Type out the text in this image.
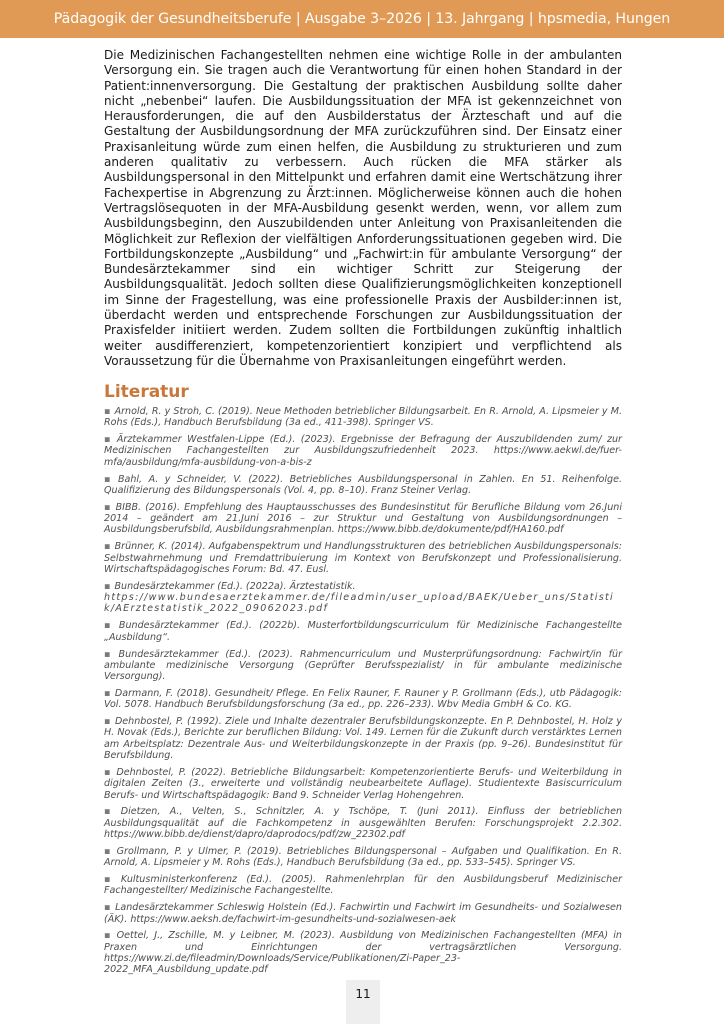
Pädagogik der Gesundheitsberufe | Ausgabe 3–2026 | 13. Jahrgang | hpsmedia, Hungen

Die Medizinischen Fachangestellten nehmen eine wichtige Rolle in der ambulanten Versorgung ein. Sie tragen auch die Verantwortung für einen hohen Standard in der Patient:innenversorgung. Die Gestaltung der praktischen Ausbildung sollte daher nicht „nebenbei“ laufen. Die Ausbildungssituation der MFA ist gekennzeichnet von Herausforderungen, die auf den Ausbilderstatus der Ärzteschaft und auf die Gestaltung der Ausbildungsordnung der MFA zurückzuführen sind. Der Einsatz einer Praxisanleitung würde zum einen helfen, die Ausbildung zu strukturieren und zum anderen qualitativ zu verbessern. Auch rücken die MFA stärker als Ausbildungspersonal in den Mittelpunkt und erfahren damit eine Wertschätzung ihrer Fachexpertise in Abgrenzung zu Ärzt:innen. Möglicherweise können auch die hohen Vertragslösequoten in der MFA-Ausbildung gesenkt werden, wenn, vor allem zum Ausbildungsbeginn, den Auszubildenden unter Anleitung von Praxisanleitenden die Möglichkeit zur Reflexion der vielfältigen Anforderungssituationen gegeben wird. Die Fortbildungskonzepte „Ausbildung“ und „Fachwirt:in für ambulante Versorgung“ der Bundesärztekammer sind ein wichtiger Schritt zur Steigerung der Ausbildungsqualität. Jedoch sollten diese Qualifizierungsmöglichkeiten konzeptionell im Sinne der Fragestellung, was eine professionelle Praxis der Ausbilder:innen ist, überdacht werden und entsprechende Forschungen zur Ausbildungssituation der Praxisfelder initiiert werden. Zudem sollten die Fortbildungen zukünftig inhaltlich weiter ausdifferenziert, kompetenzorientiert konzipiert und verpflichtend als Voraussetzung für die Übernahme von Praxisanleitungen eingeführt werden.

Literatur
▪ Arnold, R. y Stroh, C. (2019). Neue Methoden betrieblicher Bildungsarbeit. En R. Arnold, A. Lipsmeier y M. Rohs (Eds.), Handbuch Berufsbildung (3a ed., 411-398). Springer VS.
▪ Ärztekammer Westfalen-Lippe (Ed.). (2023). Ergebnisse der Befragung der Auszubildenden zum/ zur Medizinischen Fachangestellten zur Ausbildungszufriedenheit 2023. https://www.aekwl.de/fuer-mfa/ausbildung/mfa-ausbildung-von-a-bis-z
▪ Bahl, A. y Schneider, V. (2022). Betriebliches Ausbildungspersonal in Zahlen. En 51. Reihenfolge. Qualifizierung des Bildungspersonals (Vol. 4, pp. 8–10). Franz Steiner Verlag.
▪ BIBB. (2016). Empfehlung des Hauptausschusses des Bundesinstitut für Berufliche Bildung vom 26.Juni 2014 – geändert am 21.Juni 2016 – zur Struktur und Gestaltung von Ausbildungsordnungen – Ausbildungsberufsbild, Ausbildungsrahmenplan. https://www.bibb.de/dokumente/pdf/HA160.pdf
▪ Brünner, K. (2014). Aufgabenspektrum und Handlungsstrukturen des betrieblichen Ausbildungspersonals: Selbstwahrnehmung und Fremdattribuierung im Kontext von Berufskonzept und Professionalisierung. Wirtschaftspädagogisches Forum: Bd. 47. Eusl.
▪ Bundesärztekammer (Ed.). (2022a). Ärztestatistik.
https://www.bundesaerztekammer.de/fileadmin/user_upload/BAEK/Ueber_uns/Statistik/AErztestatistik_2022_09062023.pdf
▪ Bundesärztekammer (Ed.). (2022b). Musterfortbildungscurriculum für Medizinische Fachangestellte „Ausbildung“.
▪ Bundesärztekammer (Ed.). (2023). Rahmencurriculum und Musterprüfungsordnung: Fachwirt/in für ambulante medizinische Versorgung (Geprüfter Berufsspezialist/ in für ambulante medizinische Versorgung).
▪ Darmann, F. (2018). Gesundheit/ Pflege. En Felix Rauner, F. Rauner y P. Grollmann (Eds.), utb Pädagogik: Vol. 5078. Handbuch Berufsbildungsforschung (3a ed., pp. 226–233). Wbv Media GmbH & Co. KG.
▪ Dehnbostel, P. (1992). Ziele und Inhalte dezentraler Berufsbildungskonzepte. En P. Dehnbostel, H. Holz y H. Novak (Eds.), Berichte zur beruflichen Bildung: Vol. 149. Lernen für die Zukunft durch verstärktes Lernen am Arbeitsplatz: Dezentrale Aus- und Weiterbildungskonzepte in der Praxis (pp. 9–26). Bundesinstitut für Berufsbildung.
▪ Dehnbostel, P. (2022). Betriebliche Bildungsarbeit: Kompetenzorientierte Berufs- und Weiterbildung in digitalen Zeiten (3., erweiterte und vollständig neubearbeitete Auflage). Studientexte Basiscurriculum Berufs- und Wirtschaftspädagogik: Band 9. Schneider Verlag Hohengehren.
▪ Dietzen, A., Velten, S., Schnitzler, A. y Tschöpe, T. (Juni 2011). Einfluss der betrieblichen Ausbildungsqualität auf die Fachkompetenz in ausgewählten Berufen: Forschungsprojekt 2.2.302. https://www.bibb.de/dienst/dapro/daprodocs/pdf/zw_22302.pdf
▪ Grollmann, P. y Ulmer, P. (2019). Betriebliches Bildungspersonal – Aufgaben und Qualifikation. En R. Arnold, A. Lipsmeier y M. Rohs (Eds.), Handbuch Berufsbildung (3a ed., pp. 533–545). Springer VS.
▪ Kultusministerkonferenz (Ed.). (2005). Rahmenlehrplan für den Ausbildungsberuf Medizinischer Fachangestellter/ Medizinische Fachangestellte.
▪ Landesärztekammer Schleswig Holstein (Ed.). Fachwirtin und Fachwirt im Gesundheits- und Sozialwesen (ÄK). https://www.aeksh.de/fachwirt-im-gesundheits-und-sozialwesen-aek
▪ Oettel, J., Zschille, M. y Leibner, M. (2023). Ausbildung von Medizinischen Fachangestellten (MFA) in Praxen und Einrichtungen der vertragsärztlichen Versorgung. https://www.zi.de/fileadmin/Downloads/Service/Publikationen/Zi-Paper_23-2022_MFA_Ausbildung_update.pdf
11
